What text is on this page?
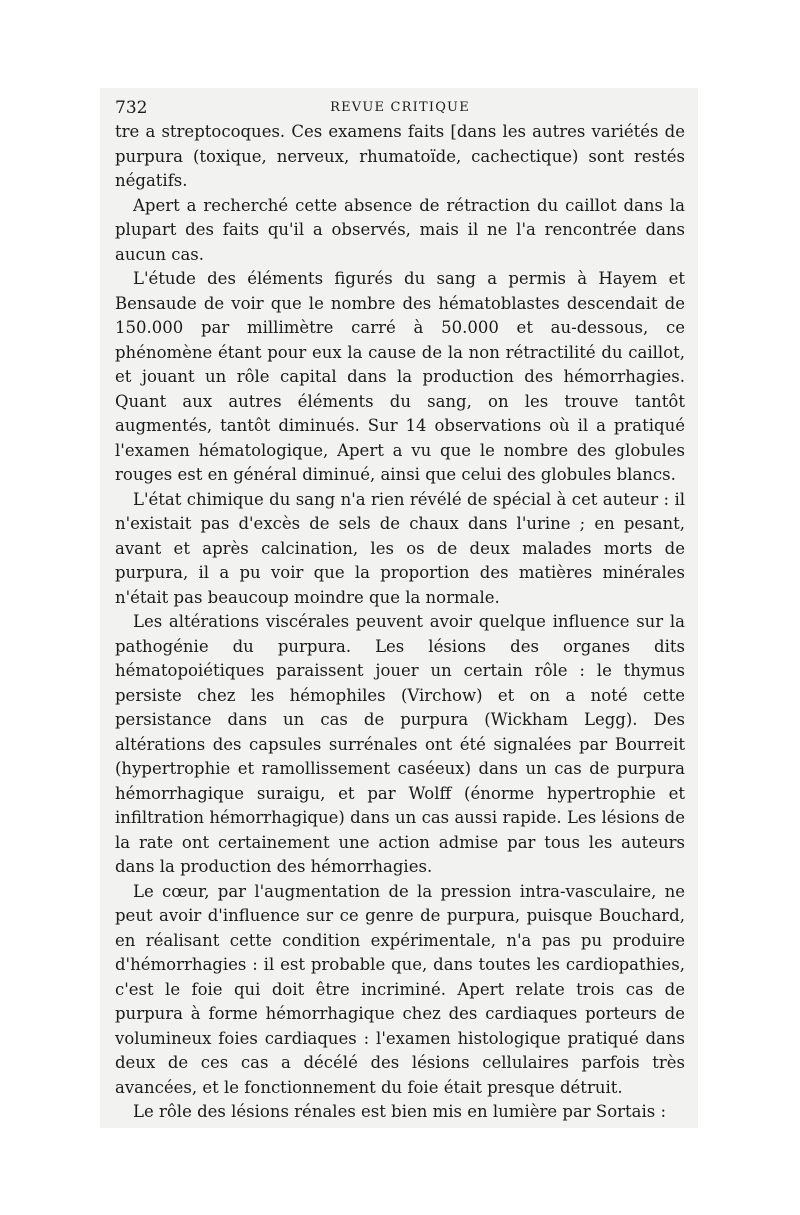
732	REVUE CRITIQUE

tre a streptocoques. Ces examens faits [dans les autres variétés de purpura (toxique, nerveux, rhumatoïde, cachectique) sont restés négatifs.

Apert a recherché cette absence de rétraction du caillot dans la plupart des faits qu'il a observés, mais il ne l'a rencontrée dans aucun cas.

L'étude des éléments figurés du sang a permis à Hayem et Bensaude de voir que le nombre des hématoblastes descendait de 150.000 par millimètre carré à 50.000 et au-dessous, ce phénomène étant pour eux la cause de la non rétractilité du caillot, et jouant un rôle capital dans la production des hémorrhagies. Quant aux autres éléments du sang, on les trouve tantôt augmentés, tantôt diminués. Sur 14 observations où il a pratiqué l'examen hématologique, Apert a vu que le nombre des globules rouges est en général diminué, ainsi que celui des globules blancs.

L'état chimique du sang n'a rien révélé de spécial à cet auteur : il n'existait pas d'excès de sels de chaux dans l'urine ; en pesant, avant et après calcination, les os de deux malades morts de purpura, il a pu voir que la proportion des matières minérales n'était pas beaucoup moindre que la normale.

Les altérations viscérales peuvent avoir quelque influence sur la pathogénie du purpura. Les lésions des organes dits hématopoiétiques paraissent jouer un certain rôle : le thymus persiste chez les hémophiles (Virchow) et on a noté cette persistance dans un cas de purpura (Wickham Legg). Des altérations des capsules surrénales ont été signalées par Bourreit (hypertrophie et ramollissement caséeux) dans un cas de purpura hémorrhagique suraigu, et par Wolff (énorme hypertrophie et infiltration hémorrhagique) dans un cas aussi rapide. Les lésions de la rate ont certainement une action admise par tous les auteurs dans la production des hémorrhagies.

Le cœur, par l'augmentation de la pression intra-vasculaire, ne peut avoir d'influence sur ce genre de purpura, puisque Bouchard, en réalisant cette condition expérimentale, n'a pas pu produire d'hémorrhagies : il est probable que, dans toutes les cardiopathies, c'est le foie qui doit être incriminé. Apert relate trois cas de purpura à forme hémorrhagique chez des cardiaques porteurs de volumineux foies cardiaques : l'examen histologique pratiqué dans deux de ces cas a décélé des lésions cellulaires parfois très avancées, et le fonctionnement du foie était presque détruit.

Le rôle des lésions rénales est bien mis en lumière par Sortais :
